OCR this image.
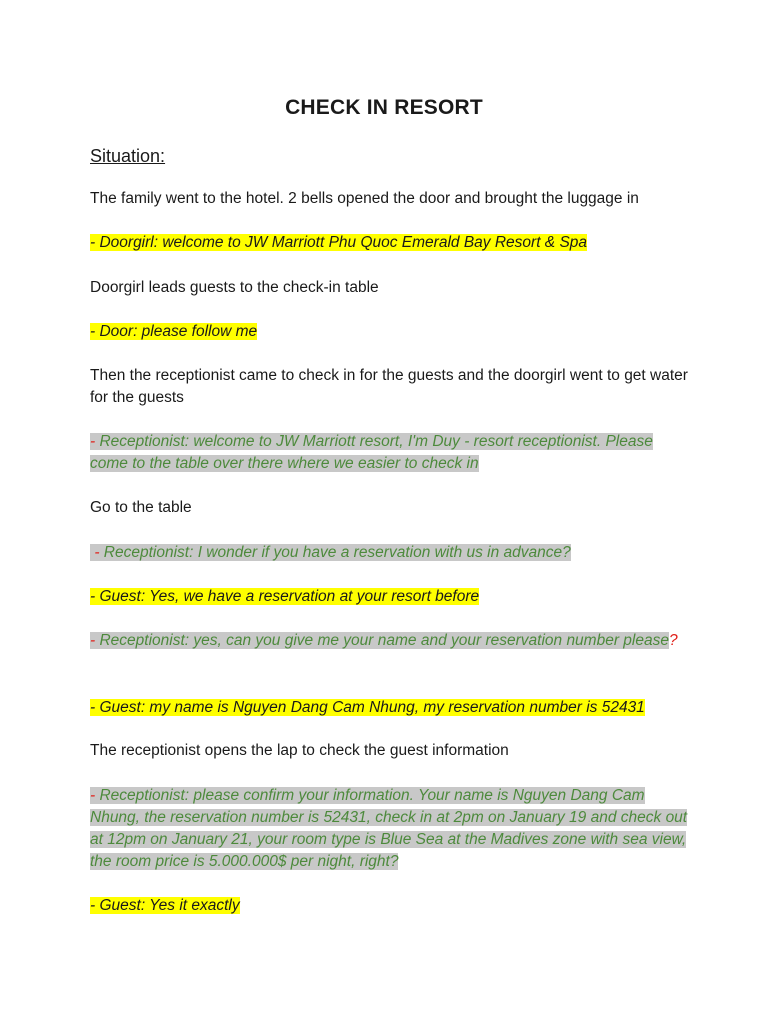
CHECK IN RESORT
Situation:
The family went to the hotel. 2 bells opened the door and brought the luggage in
- Doorgirl: welcome to JW Marriott Phu Quoc Emerald Bay Resort & Spa
Doorgirl leads guests to the check-in table
- Door: please follow me
Then the receptionist came to check in for the guests and the doorgirl went to get water for the guests
- Receptionist: welcome to JW Marriott resort, I'm Duy - resort receptionist. Please come to the table over there where we easier to check in
Go to the table
- Receptionist: I wonder if you have a reservation with us in advance?
- Guest: Yes, we have a reservation at your resort before
- Receptionist: yes, can you give me your name and your reservation number please?
- Guest: my name is Nguyen Dang Cam Nhung, my reservation number is 52431
The receptionist opens the lap to check the guest information
- Receptionist: please confirm your information. Your name is Nguyen Dang Cam Nhung, the reservation number is 52431, check in at 2pm on January 19 and check out at 12pm on January 21, your room type is Blue Sea at the Madives zone with sea view, the room price is 5.000.000$ per night, right?
- Guest: Yes it exactly
